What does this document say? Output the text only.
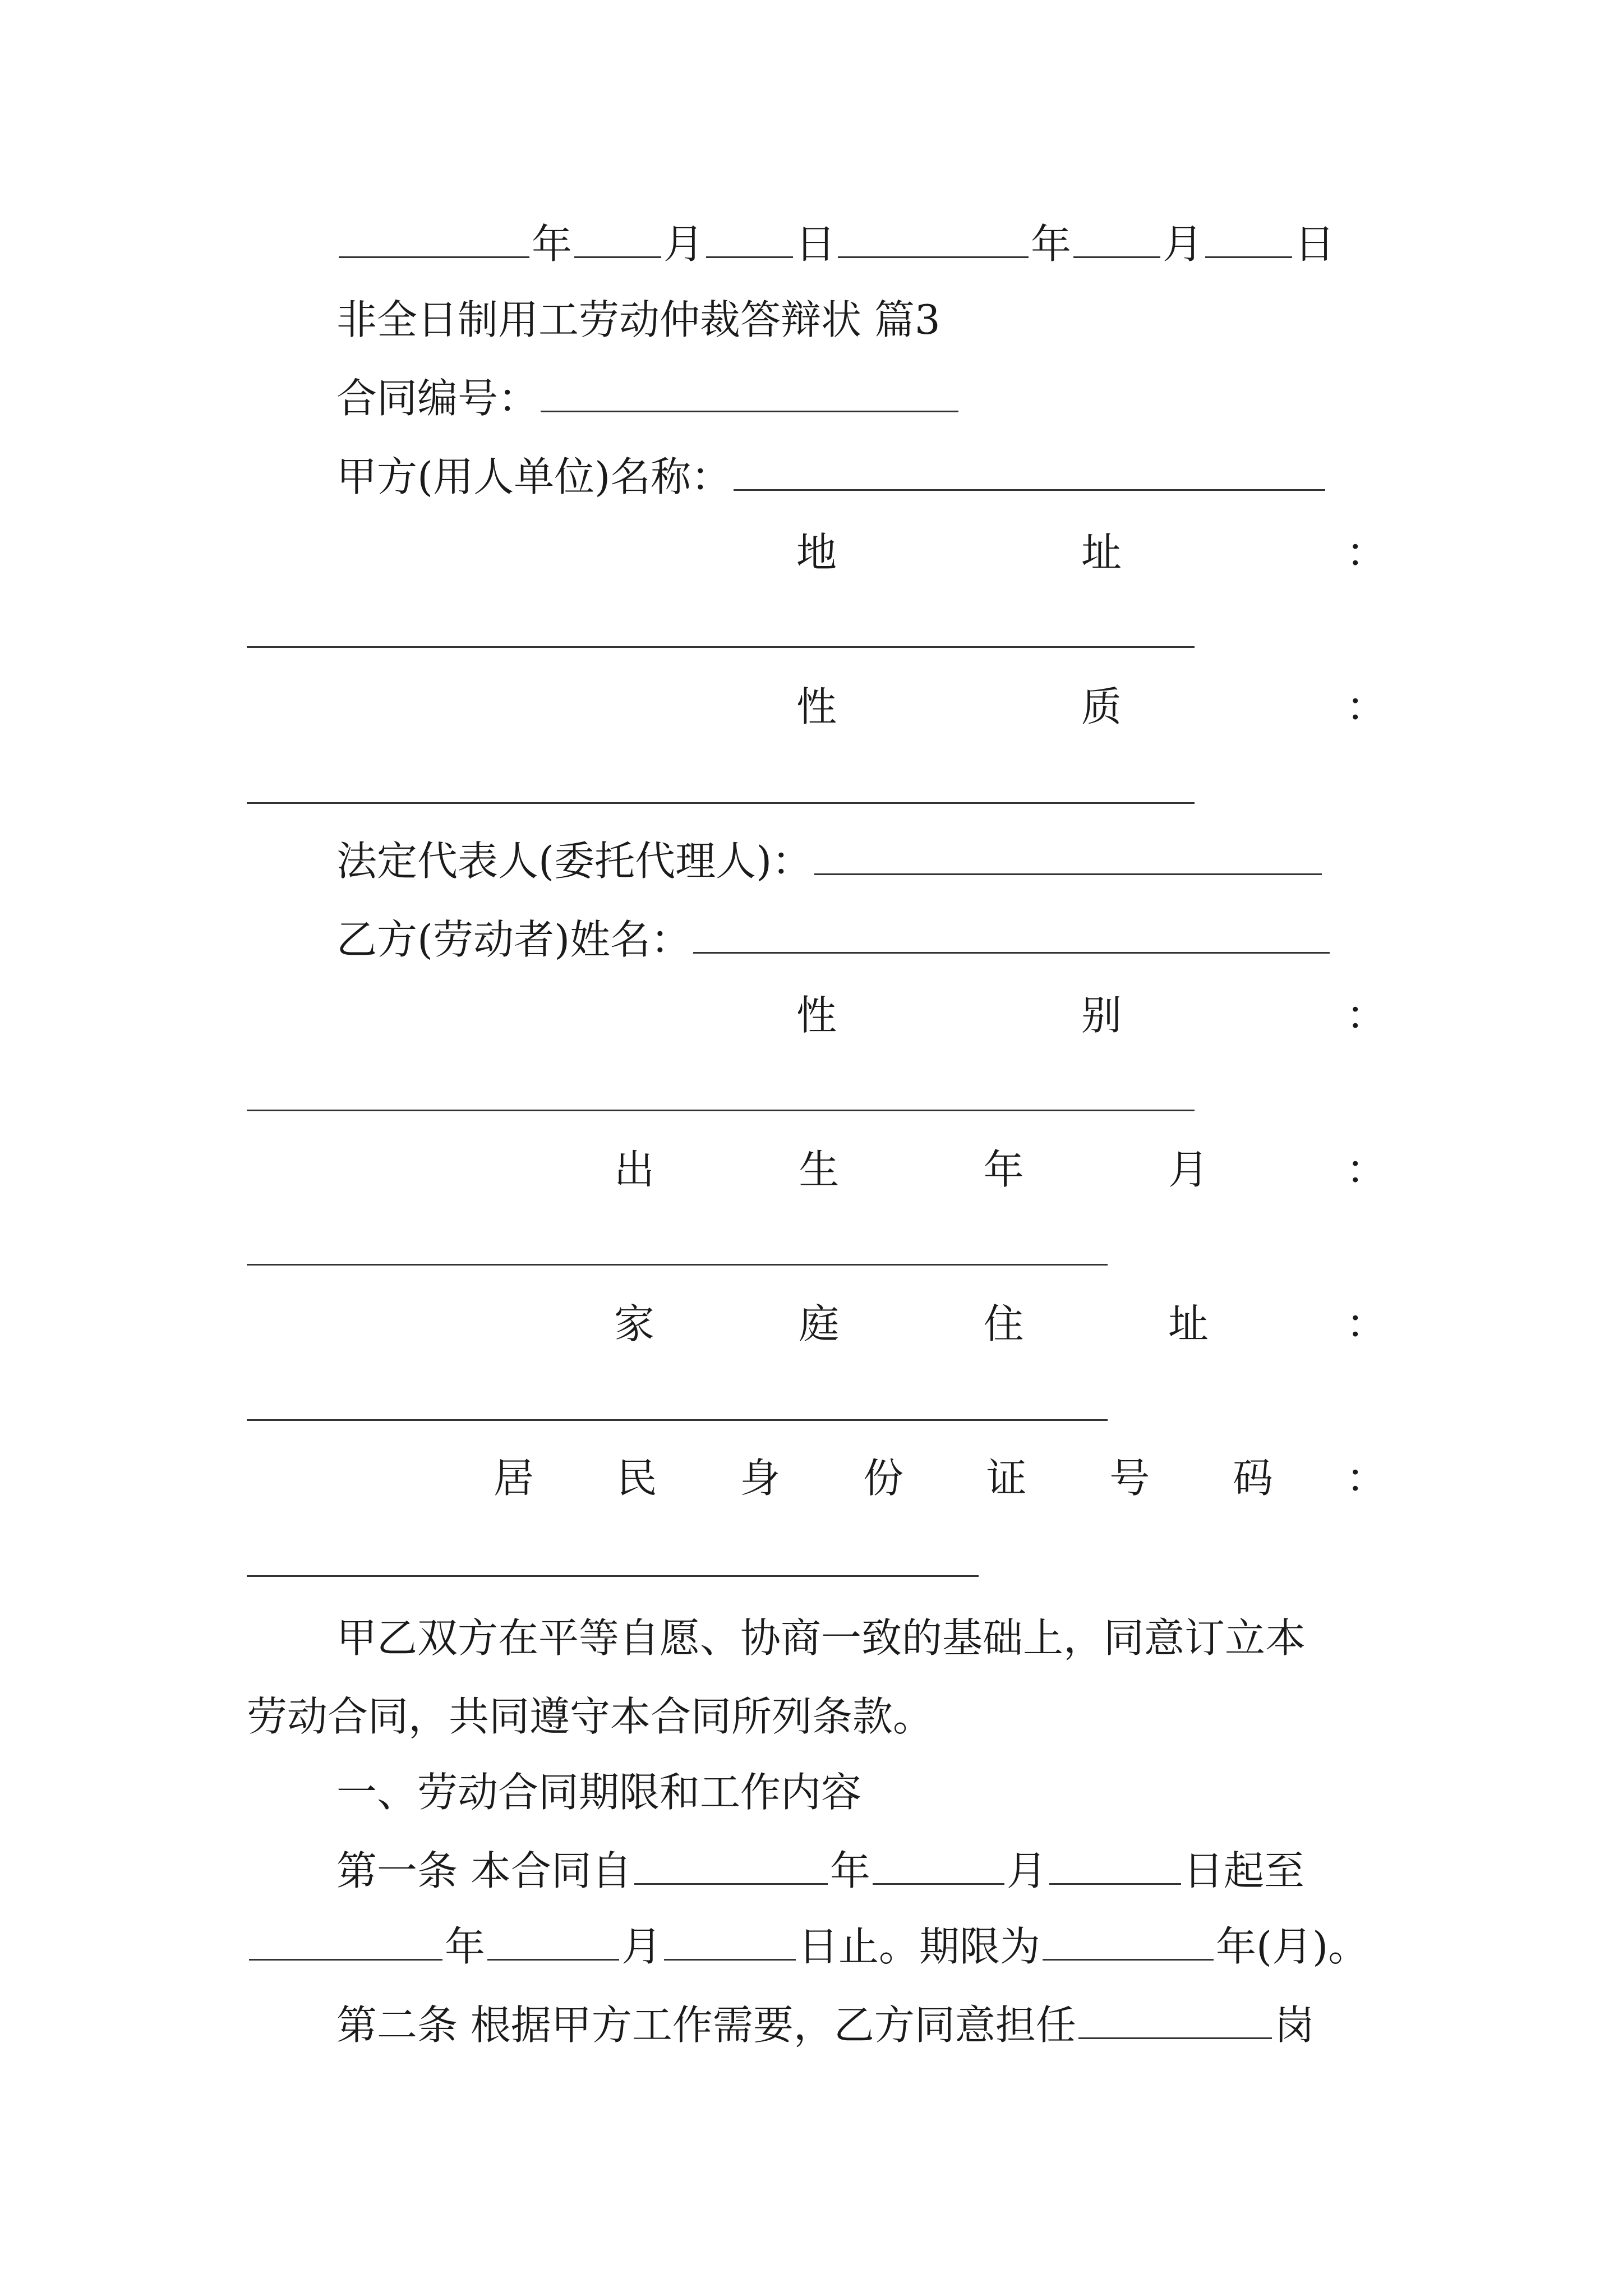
年 月 日	年 月 日
非全日制用工劳动仲裁答辩状 篇3
合同编号：
甲方(用人单位)名称：
地	址	：
性	质	：
法定代表人(委托代理人)：
乙方(劳动者)姓名：
性	别	：
出	生	年	月	：
家	庭	住	址	：
居 民 身 份 证 号 码 ：
甲乙双方在平等自愿、协商一致的基础上，同意订立本
劳动合同，共同遵守本合同所列条款。
一、劳动合同期限和工作内容
第一条 本合同自	年	月	日起至
年	月	日止。期限为	年(月)。
第二条 根据甲方工作需要，乙方同意担任	岗
